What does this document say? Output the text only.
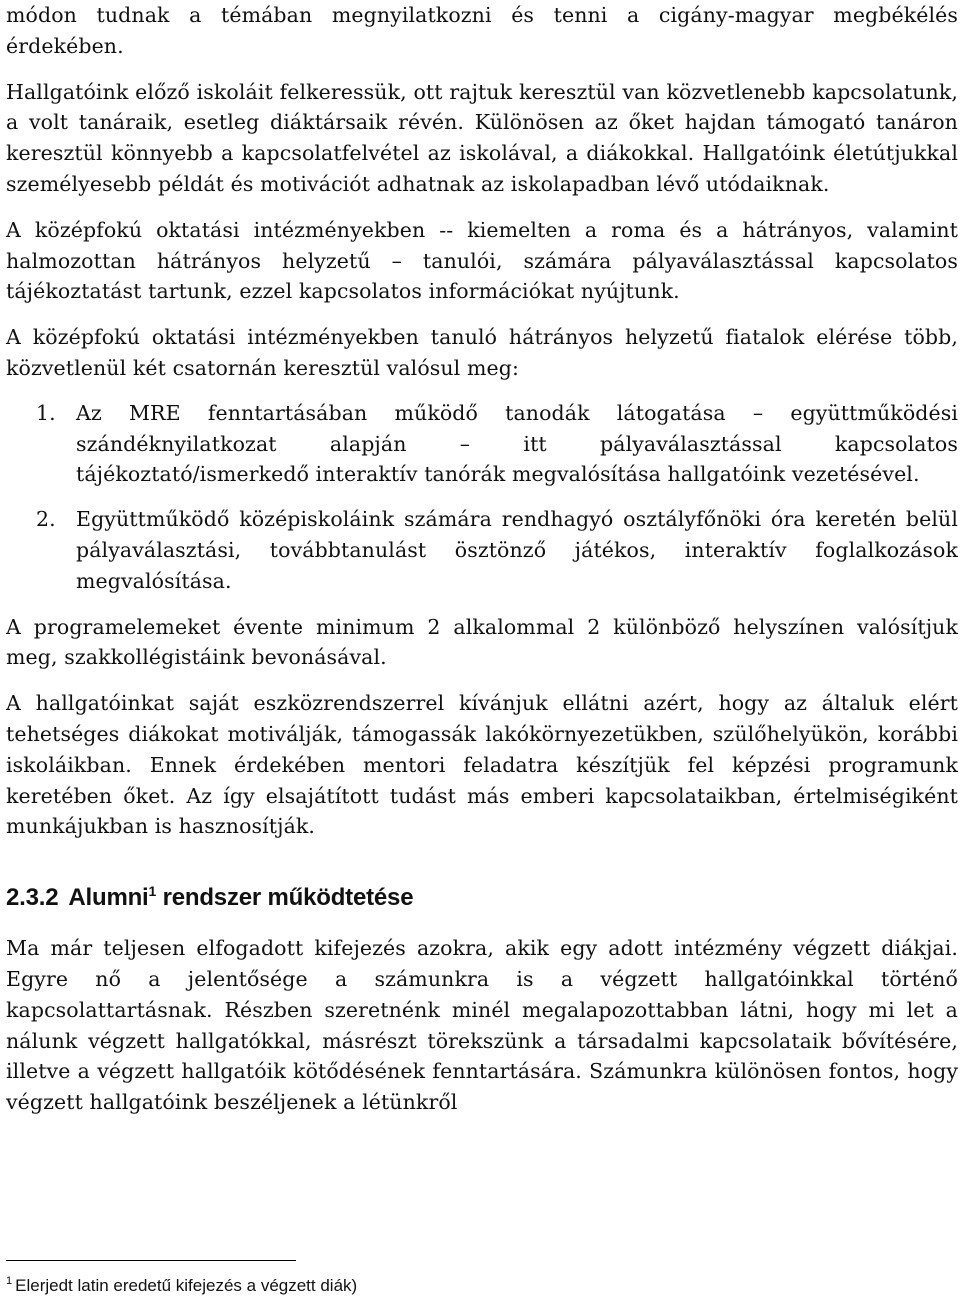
módon tudnak a témában megnyilatkozni és tenni a cigány-magyar megbékélés érdekében.

Hallgatóink előző iskoláit felkeressük, ott rajtuk keresztül van közvetlenebb kapcsolatunk, a volt tanáraik, esetleg diáktársaik révén. Különösen az őket hajdan támogató tanáron keresztül könnyebb a kapcsolatfelvétel az iskolával, a diákokkal. Hallgatóink életútjukkal személyesebb példát és motivációt adhatnak az iskolapadban lévő utódaiknak.

A középfokú oktatási intézményekben -- kiemelten a roma és a hátrányos, valamint halmozottan hátrányos helyzetű – tanulói, számára pályaválasztással kapcsolatos tájékoztatást tartunk, ezzel kapcsolatos információkat nyújtunk.

A középfokú oktatási intézményekben tanuló hátrányos helyzetű fiatalok elérése több, közvetlenül két csatornán keresztül valósul meg:

1. Az MRE fenntartásában működő tanodák látogatása – együttműködési szándéknyilatkozat alapján – itt pályaválasztással kapcsolatos tájékoztató/ismerkedő interaktív tanórák megvalósítása hallgatóink vezetésével.

2. Együttműködő középiskoláink számára rendhagyó osztályfőnöki óra keretén belül pályaválasztási, továbbtanulást ösztönző játékos, interaktív foglalkozások megvalósítása.

A programelemeket évente minimum 2 alkalommal 2 különböző helyszínen valósítjuk meg, szakkollégistáink bevonásával.

A hallgatóinkat saját eszközrendszerrel kívánjuk ellátni azért, hogy az általuk elért tehetséges diákokat motiválják, támogassák lakókörnyezetükben, szülőhelyükön, korábbi iskoláikban. Ennek érdekében mentori feladatra készítjük fel képzési programunk keretében őket. Az így elsajátított tudást más emberi kapcsolataikban, értelmiségiként munkájukban is hasznosítják.

2.3.2 Alumni$^1$ rendszer működtetése

Ma már teljesen elfogadott kifejezés azokra, akik egy adott intézmény végzett diákjai. Egyre nő a jelentősége a számunkra is a végzett hallgatóinkkal történő kapcsolattartásnak. Részben szeretnénk minél megalapozottabban látni, hogy mi let a nálunk végzett hallgatókkal, másrészt törekszünk a társadalmi kapcsolataik bővítésére, illetve a végzett hallgatóik kötődésének fenntartására. Számunkra különösen fontos, hogy végzett hallgatóink beszéljenek a létünkről

$^1$ Elerjedt latin eredetű kifejezés a végzett diák)
